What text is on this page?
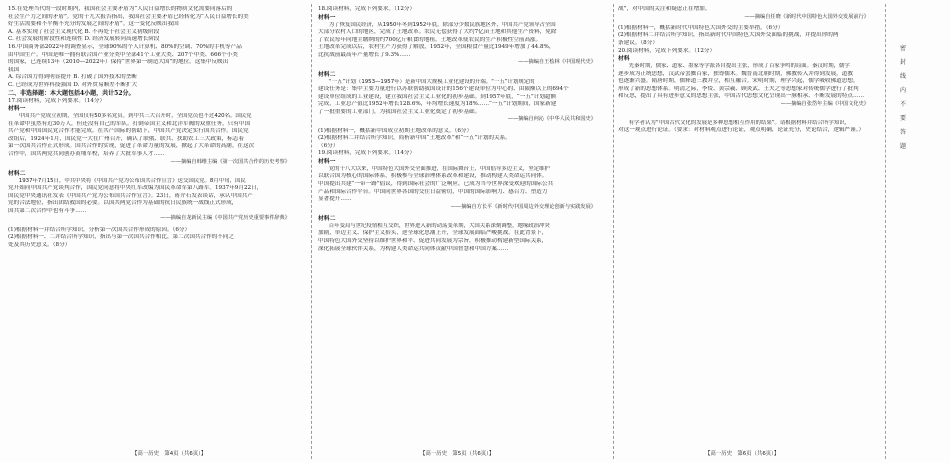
15.在处理当代的一段时期内，我国社会主要矛盾为“人民日益增长的物质文化需要同落后的
社会生产力之间的矛盾”。党的十九大报告指出，我国社会主要矛盾已经转化为“人民日益增长的美
好生活需要和不平衡不充分的发展之间的矛盾”。这一变化反映出我国
A. 基本实现了社会主义现代化 B. 不再处于社会主义初级阶段
C. 社会发展的阶段性和连续性 D. 经济发展转向高速增长阶段
16.中国商务部2022年的调查显示，全球90%的个人计算机、80%的空调、70%的手机等产品
由中国生产。中国是唯一拥有联合国产业分类中全部41个工业大类、207个中类、666个小类
的国家，已连续13年（2010—2022年）保持“世界第一制造大国”的地位。这集中反映出
我国
A. 综合国力得到明显提升 B. 打破了国外技术的垄断
C. 已经成为世界科技强国 D. 对外贸易顺差不断扩大
二、非选择题：本大题包括4小题，共计52分。
17.阅读材料，完成下列要求。（14分）
材料一
　　中国共产党成立初期，全国仅有50多名党员。到中共三大召开时，全国党员也不过420名。国民党
在革命中虽然有近30万人，但还没有自己的军队。打倒帝国主义和北洋军阀的双重任务，只有中国
共产党和中国国民党合作才能完成。在共产国际的帮助下，中国共产党决定实行国共合作。国民党
改组后，1924年1月，国民党一大在广州召开，确认了联俄、联共、扶助农工三大政策，标志着
第一次国共合作正式形成。国共合作的实现，促进了革命力量的发展，掀起了大革命的高潮。在这次
合作中，国共两党共同创办黄埔军校，培养了大批军事人才……
——摘编自韩维主编《第一次国共合作的历史考察》
材料二
　　1937年7月15日，中共中央将《中国共产党为公布国共合作宣言》送交国民党。8月中旬，国民
党开始同中国共产党谈判合作，国民党同意将中央红军改编为国民革命军第八路军。1937年9月22日，
国民党中央通讯社发表《中国共产党为公布国共合作宣言》。23日，蒋介石发表谈话，承认中国共产
党的合法地位，指出团结救国的必要。以国共两党合作为基础的抗日民族统一战线正式形成，
国共第二次合作中也有斗争……
——摘编自龙新民主编《中国共产党历史重要事件辞典》
(1)根据材料一并结合所学知识，分析第一次国共合作形成的原因。（6分）
(2)根据材料一、二并结合所学知识，指出与第一次国共合作相比，第二次国共合作的不同之
处及其历史意义。（8分）
18.阅读材料，完成下列要求。（12分）
材料一
　　为了恢复国民经济，从1950年冬到1952年底，除部分少数民族地区外，中国共产党领导占全国
大部分农村人口的地区，完成了土地改革。农民无偿获得了大约7亿亩土地和其他生产资料，免除
了农民每年向地主缴纳的约700亿斤粮食的地租。土地改革使农民的生产积极性空前高涨。
土地改革完成以后，农村生产力获得了解放，1952年，全国粮食产量比1949年增加了44.8%，
比抗战前最高年产量增长了9.3%……
——摘编自王桧林《中国现代史》
材料二
　　“一五”计划（1953—1957年）是新中国大规模工业化建设的开端。“一五”计划规定的
建设任务是：集中主要力量进行以苏联帮助我国设计的156个建设单位为中心的、由限额以上的694个
建设单位组成的工业建设，建立我国社会主义工业化的初步基础。到1957年底，“一五”计划超额
完成，工业总产值比1952年增长128.6%，年均增长速度为18%……“一五”计划期间，国家新建
了一批重要的工业部门，为我国社会主义工业化奠定了初步基础。
——摘编自何沁《中华人民共和国史》
(1)根据材料一，概括新中国成立初期土地改革的意义。（6分）
(2)根据材料二并结合所学知识，简析新中国“土地改革”和“一五”计划的关系。
（6分）
19.阅读材料，完成下列要求。（14分）
材料一
　　党的十八大以来，中国特色大国外交全面推进，在国际舞台上，中国倡导多边主义，坚定维护
以联合国为核心的国际体系，积极参与全球治理体系改革和建设，推动构建人类命运共同体。
中国提出共建“一带一路”倡议，得到国际社会的广泛响应，已成为当今世界深受欢迎的国际公共
产品和国际合作平台。中国同世界各国的交往日益密切，中国的国际影响力、感召力、塑造力
显著提升……
——摘编自方长平《新时代中国周边外交理论创新与实践发展》
材料二
　　百年变局与世纪疫情相互交织，世界进入新的动荡变革期，大国关系深刻调整，地缘政治冲突
加剧，单边主义、保护主义抬头，逆全球化思潮上升，全球发展面临严峻挑战。在此背景下，
中国特色大国外交坚持以维护世界和平、促进共同发展为宗旨，积极推动构建新型国际关系，
深化拓展全球伙伴关系，为构建人类命运共同体贡献中国智慧和中国方案……
战”，对中国的关注和疑虑正在增加。
——摘编自任晓《新时代中国特色大国外交发展前行》
(1)根据材料一，概括新时代中国特色大国外交的主要举措。（6分）
(2)根据材料二并结合所学知识，指出新时代中国特色大国外交面临的挑战，并提出你的两
条建议。（8分）
20.阅读材料，完成下列要求。（12分）
材料
　　先秦时期，儒家、道家、墨家等学派各自提出主张，形成了百家争鸣的局面。秦汉时期，儒学
逐步成为正统思想，汉武帝罢黜百家，独尊儒术。魏晋南北朝时期，佛教传入并得到发展，道教
也逐渐兴盛。隋唐时期，儒释道三教并立，相互融合。宋明时期，理学兴起，儒学吸收佛道思想，
形成了新的思想体系。明清之际，李贽、黄宗羲、顾炎武、王夫之等思想家对传统儒学进行了批判
和反思，提出了具有进步意义的思想主张，中国古代思想文化呈现出一脉相承、不断发展的特点……
——摘编自张岱年主编《中国文化史》
　　有学者认为“中国古代文化的发展是多种思想相互作用的结果”。请根据材料并结合所学知识，
对这一观点进行论证。（要求：对材料观点进行论证，观点明确，论证充分，史论结合，逻辑严谨。）
【高一历史　第4页（共6页）】	【高一历史　第5页（共6页）】	【高一历史　第6页（共6页）】
密
封
线
内
不
要
答
题
